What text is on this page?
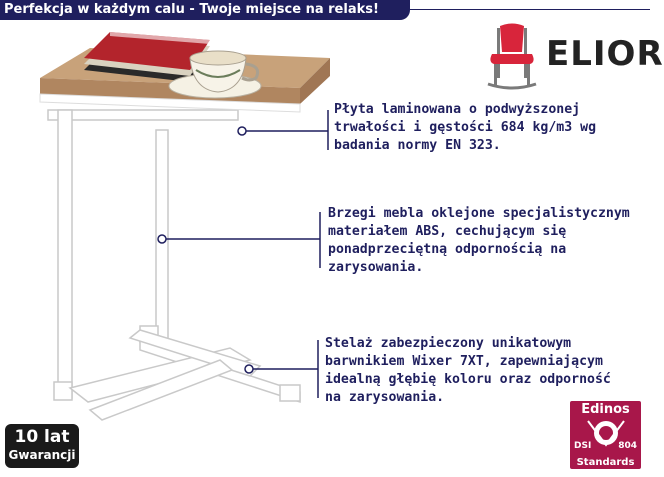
Perfekcja w każdym calu - Twoje miejsce na relaks!
ELIOR
Płyta laminowana o podwyższonej
trwałości i gęstości 684 kg/m3 wg
badania normy EN 323.
Brzegi mebla oklejone specjalistycznym
materiałem ABS, cechującym się
ponadprzeciętną odpornością na
zarysowania.
Stelaż zabezpieczony unikatowym
barwnikiem Wixer 7XT, zapewniającym
idealną głębię koloru oraz odporność
na zarysowania.
10 lat
Gwarancji
Edinos
DSI	804
Standards
